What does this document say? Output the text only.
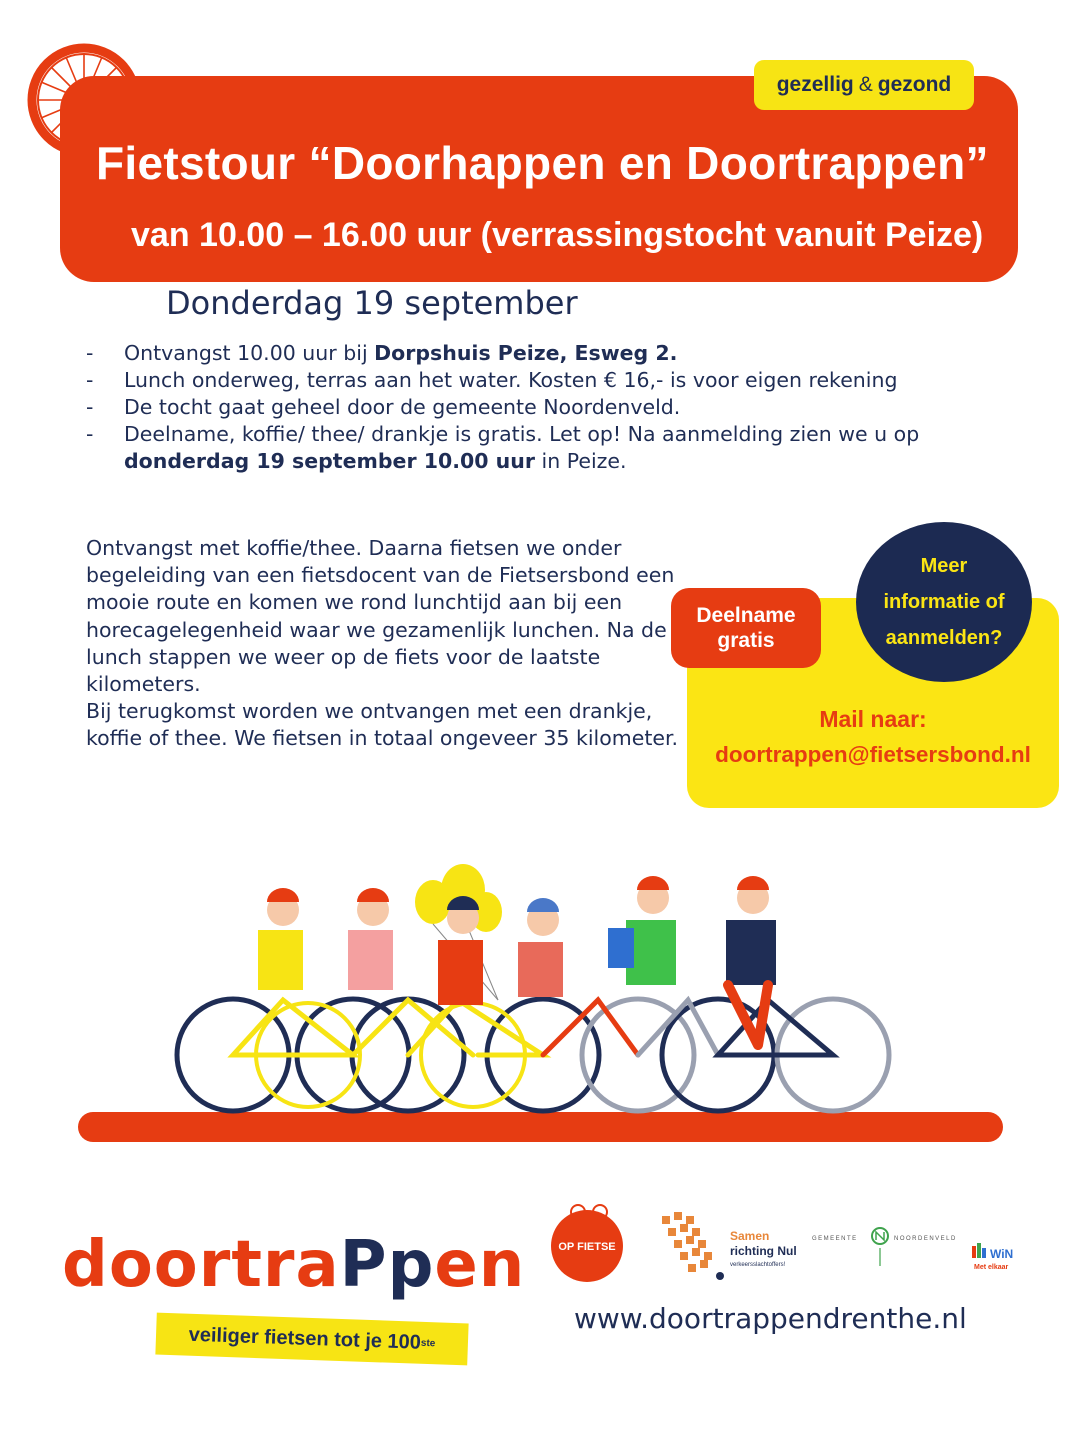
gezellig & gezond
Fietstour “Doorhappen en Doortrappen”
van 10.00 – 16.00 uur (verrassingstocht vanuit Peize)
Donderdag 19 september
- Ontvangst 10.00 uur bij Dorpshuis Peize, Esweg 2.
- Lunch onderweg, terras aan het water. Kosten € 16,- is voor eigen rekening
- De tocht gaat geheel door de gemeente Noordenveld.
- Deelname, koffie/ thee/ drankje is gratis. Let op! Na aanmelding zien we u op donderdag 19 september 10.00 uur in Peize.

Ontvangst met koffie/thee. Daarna fietsen we onder begeleiding van een fietsdocent van de Fietsersbond een mooie route en komen we rond lunchtijd aan bij een horecagelegenheid waar we gezamenlijk lunchen. Na de lunch stappen we weer op de fiets voor de laatste kilometers.

Bij terugkomst worden we ontvangen met een drankje, koffie of thee. We fietsen in totaal ongeveer 35 kilometer.

Deelname
gratis
Meer
informatie of
aanmelden?
Mail naar:
doortrappen@fietsersbond.nl
doortraPpen
veiliger fietsen tot je $100_{ste}$
OP FIETSE
Samen
richting Nul
verkeersslachtoffers!
GEMEENTE	NOORDENVELD
WiN
Met elkaar
www.doortrappendrenthe.nl
